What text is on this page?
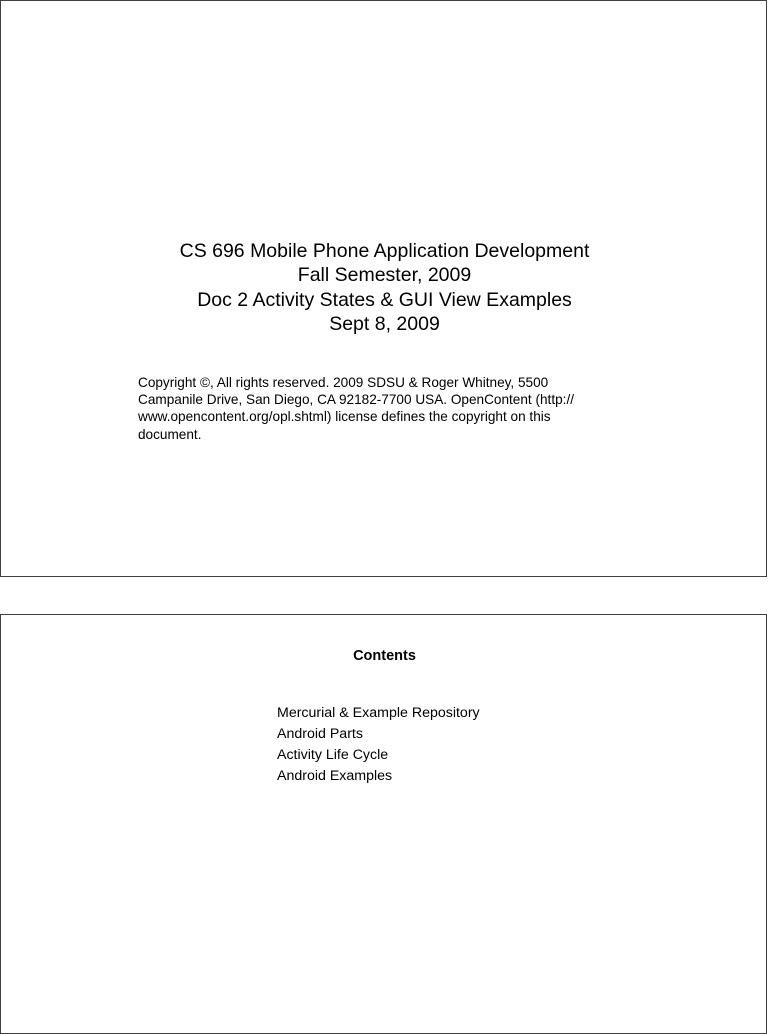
CS 696 Mobile Phone Application Development
Fall Semester, 2009
Doc 2 Activity States & GUI View Examples
Sept 8, 2009
Copyright ©, All rights reserved. 2009 SDSU & Roger Whitney, 5500
Campanile Drive, San Diego, CA 92182-7700 USA. OpenContent (http://
www.opencontent.org/opl.shtml) license defines the copyright on this
document.
Contents
Mercurial & Example Repository
Android Parts
Activity Life Cycle
Android Examples
